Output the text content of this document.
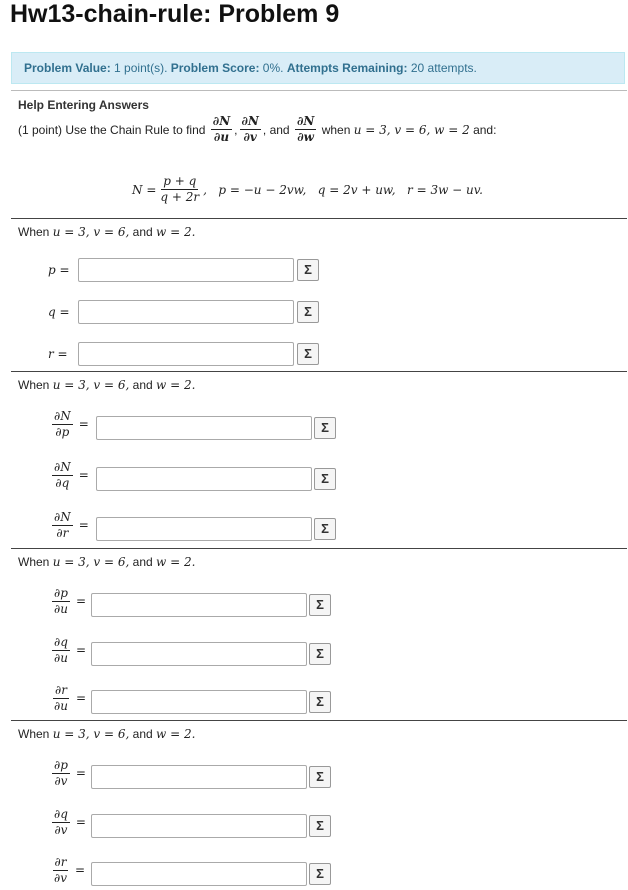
Hw13-chain-rule: Problem 9
Problem Value: 1 point(s). Problem Score: 0%. Attempts Remaining: 20 attempts.
Help Entering Answers
(1 point) Use the Chain Rule to find
$\frac{\partial N}{\partial u}$ , $\frac{\partial N}{\partial v}$ , and
$\frac{\partial N}{\partial w}$
when
u = 3, v = 6, w = 2
and:
$N = \frac{p + q}{q + 2r}$ ,   p = −u − 2vw,   q = 2v + uw,   r = 3w − uv.
When u = 3, v = 6, and w = 2.
p =	Σ
q =	Σ
r =	Σ
When u = 3, v = 6, and w = 2.
$\frac{\partial N}{\partial p}$ =	Σ
$\frac{\partial N}{\partial q}$ =	Σ
$\frac{\partial N}{\partial r}$ =	Σ
When u = 3, v = 6, and w = 2.
$\frac{\partial p}{\partial u}$ =	Σ
$\frac{\partial q}{\partial u}$ =	Σ
$\frac{\partial r}{\partial u}$ =	Σ
When u = 3, v = 6, and w = 2.
$\frac{\partial p}{\partial v}$ =	Σ
$\frac{\partial q}{\partial v}$ =	Σ
$\frac{\partial r}{\partial v}$ =	Σ
